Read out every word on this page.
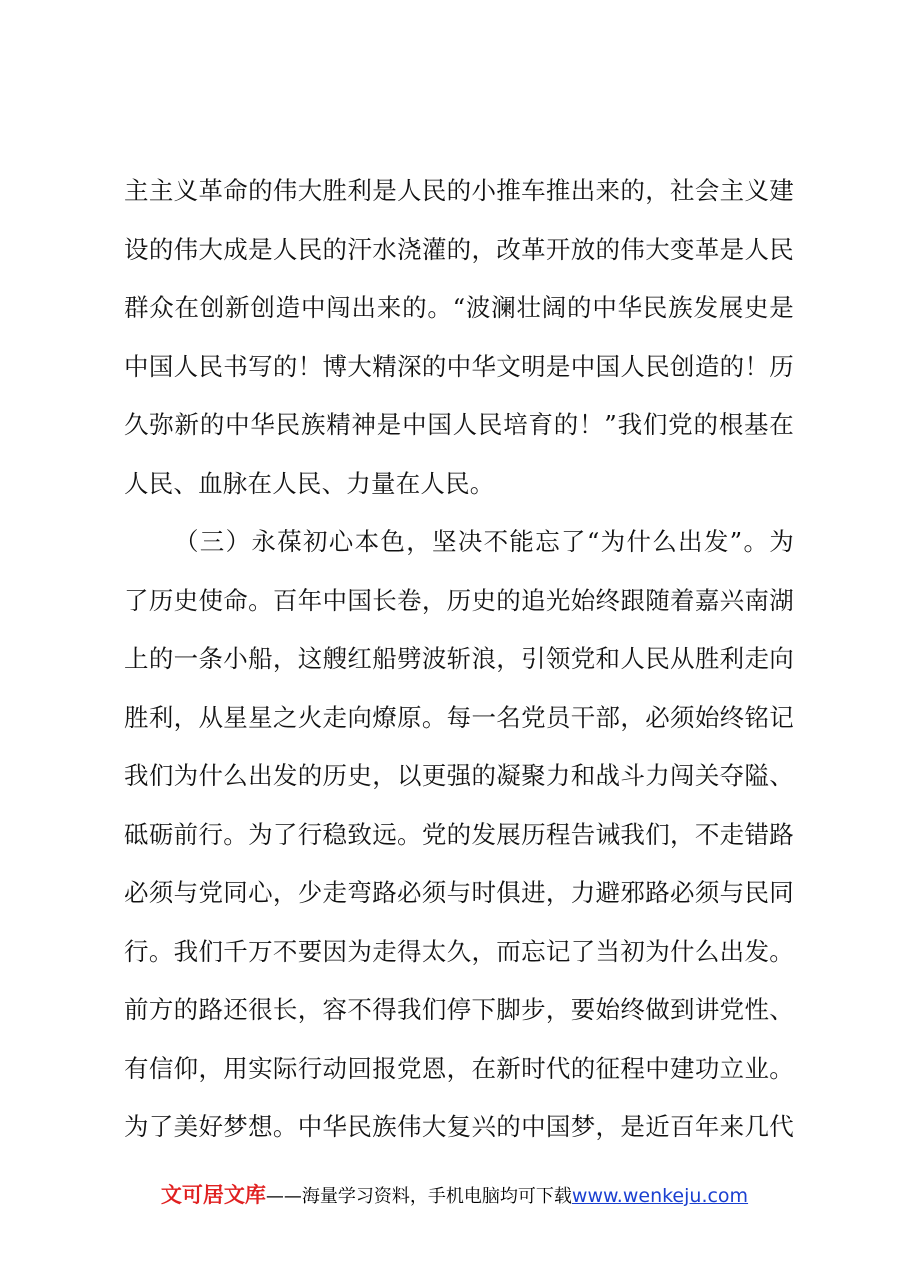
主主义革命的伟大胜利是人民的小推车推出来的，社会主义建
设的伟大成是人民的汗水浇灌的，改革开放的伟大变革是人民
群众在创新创造中闯出来的。“波澜壮阔的中华民族发展史是
中国人民书写的！博大精深的中华文明是中国人民创造的！历
久弥新的中华民族精神是中国人民培育的！”我们党的根基在
人民、血脉在人民、力量在人民。
（三）永葆初心本色，坚决不能忘了“为什么出发”。为
了历史使命。百年中国长卷，历史的追光始终跟随着嘉兴南湖
上的一条小船，这艘红船劈波斩浪，引领党和人民从胜利走向
胜利，从星星之火走向燎原。每一名党员干部，必须始终铭记
我们为什么出发的历史，以更强的凝聚力和战斗力闯关夺隘、
砥砺前行。为了行稳致远。党的发展历程告诫我们，不走错路
必须与党同心，少走弯路必须与时俱进，力避邪路必须与民同
行。我们千万不要因为走得太久，而忘记了当初为什么出发。
前方的路还很长，容不得我们停下脚步，要始终做到讲党性、
有信仰，用实际行动回报党恩，在新时代的征程中建功立业。
为了美好梦想。中华民族伟大复兴的中国梦，是近百年来几代
文可居文库——海量学习资料，手机电脑均可下载www.wenkeju.com
